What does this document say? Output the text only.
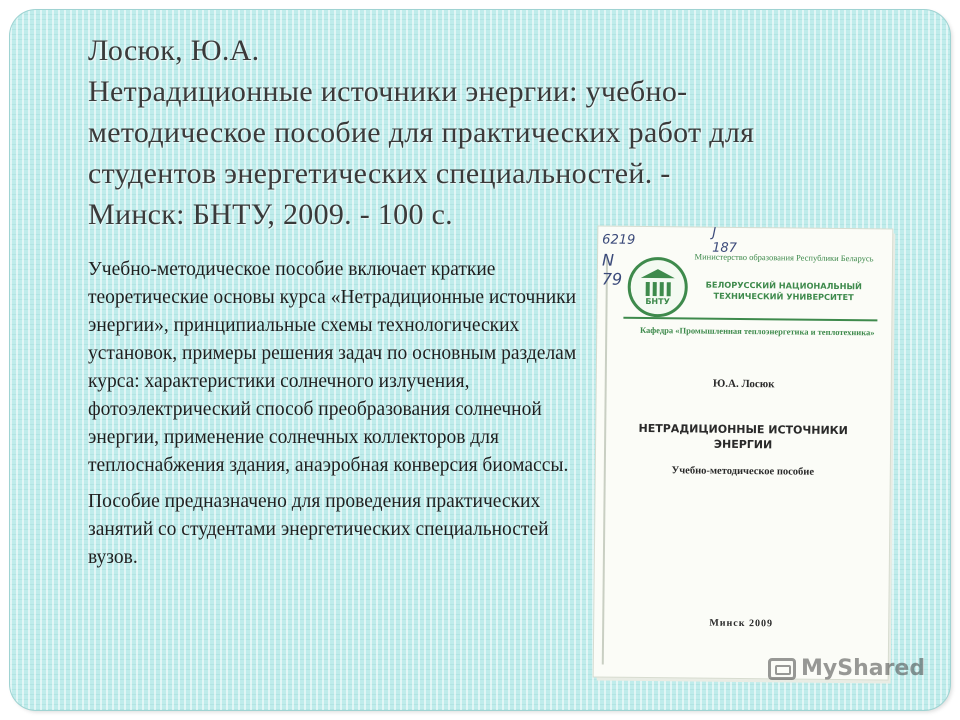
Лосюк, Ю.А.
Нетрадиционные источники энергии: учебно-
методическое пособие для практических работ для
студентов энергетических специальностей. -
Минск: БНТУ, 2009. - 100 с.

Учебно-методическое пособие включает краткие теоретические основы курса «Нетрадиционные источники энергии», принципиальные схемы технологических установок, примеры решения задач по основным разделам курса: характеристики солнечного излучения, фотоэлектрический способ преобразования солнечной энергии, применение солнечных коллекторов для теплоснабжения здания, анаэробная конверсия биомассы.

Пособие предназначено для проведения практических занятий со студентами энергетических специальностей вузов.

6219
N 79
J 187
БНТУ
Министерство образования Республики Беларусь
БЕЛОРУССКИЙ НАЦИОНАЛЬНЫЙ ТЕХНИЧЕСКИЙ УНИВЕРСИТЕТ
Кафедра «Промышленная теплоэнергетика и теплотехника»
Ю.А. Лосюк
НЕТРАДИЦИОННЫЕ ИСТОЧНИКИ ЭНЕРГИИ
Учебно-методическое пособие
Минск 2009
MyShared
